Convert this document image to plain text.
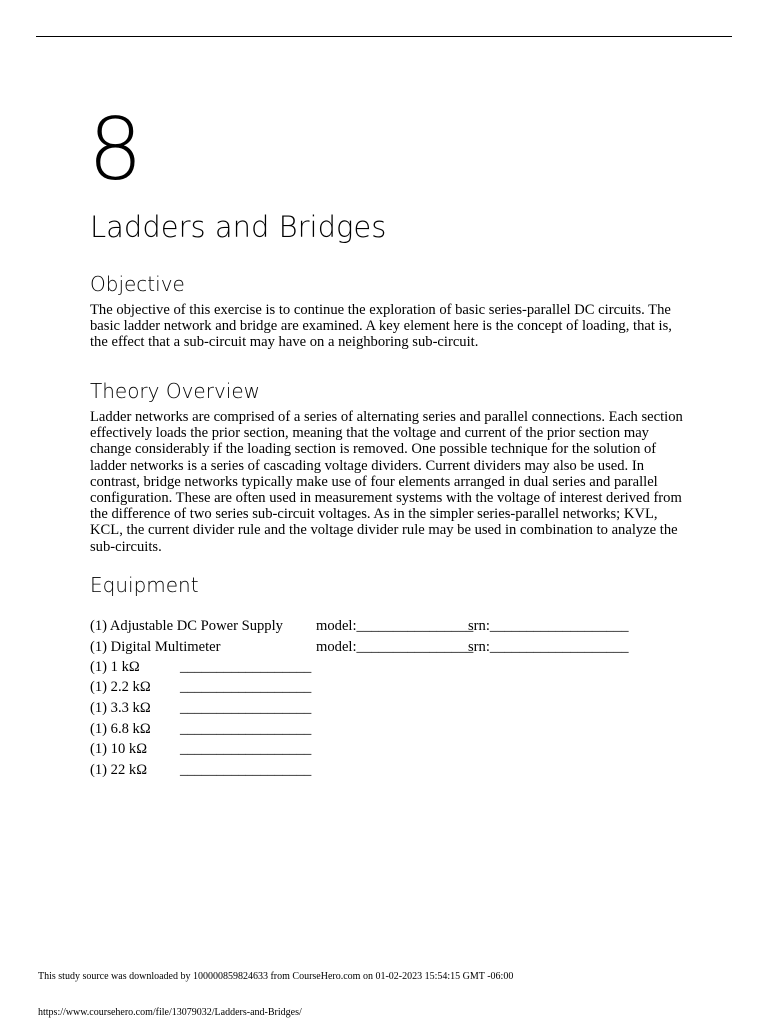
8
Ladders and Bridges
Objective
The objective of this exercise is to continue the exploration of basic series-parallel DC circuits. The basic ladder network and bridge are examined. A key element here is the concept of loading, that is, the effect that a sub-circuit may have on a neighboring sub-circuit.
Theory Overview
Ladder networks are comprised of a series of alternating series and parallel connections. Each section effectively loads the prior section, meaning that the voltage and current of the prior section may change considerably if the loading section is removed. One possible technique for the solution of ladder networks is a series of cascading voltage dividers. Current dividers may also be used. In contrast, bridge networks typically make use of four elements arranged in dual series and parallel configuration. These are often used in measurement systems with the voltage of interest derived from the difference of two series sub-circuit voltages. As in the simpler series-parallel networks; KVL, KCL, the current divider rule and the voltage divider rule may be used in combination to analyze the sub-circuits.
Equipment
(1) Adjustable DC Power Supply model:________________
srn:___________________
(1) Digital Multimeter	model:________________
srn:___________________
(1) 1 kΩ	__________________
(1) 2.2 kΩ __________________
(1) 3.3 kΩ __________________
(1) 6.8 kΩ __________________
(1) 10 kΩ __________________
(1) 22 kΩ __________________
This study source was downloaded by 100000859824633 from CourseHero.com on 01-02-2023 15:54:15 GMT -06:00
https://www.coursehero.com/file/13079032/Ladders-and-Bridges/
